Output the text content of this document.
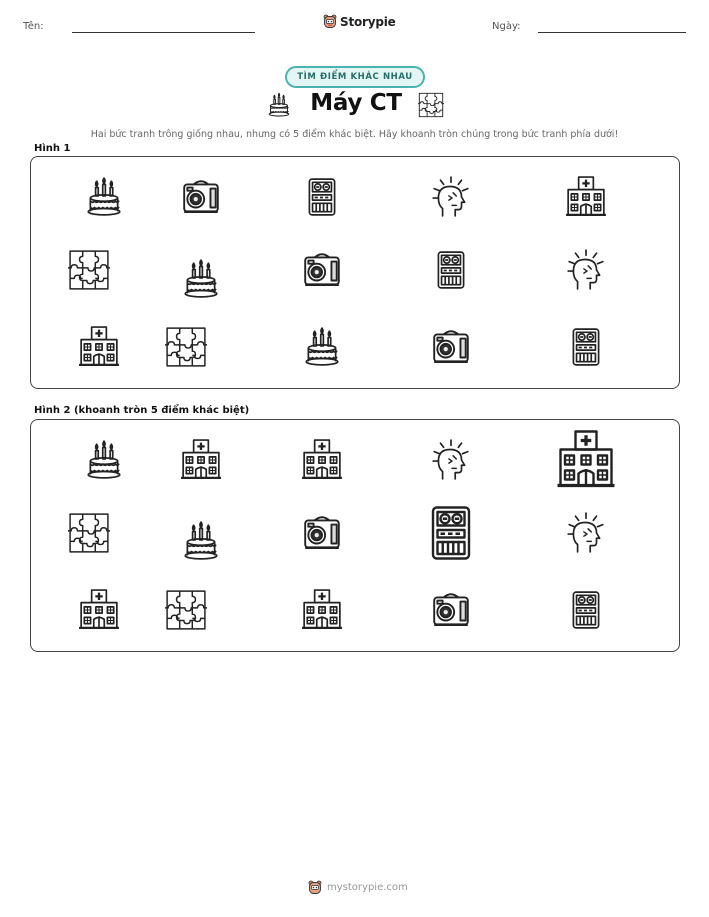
Tên:	Storypie	Ngày:
TÌM ĐIỂM KHÁC NHAU
Máy CT
Hai bức tranh trông giống nhau, nhưng có 5 điểm khác biệt. Hãy khoanh tròn chúng trong bức tranh phía dưới!
Hình 1
Hình 2 (khoanh tròn 5 điểm khác biệt)
mystorypie.com
